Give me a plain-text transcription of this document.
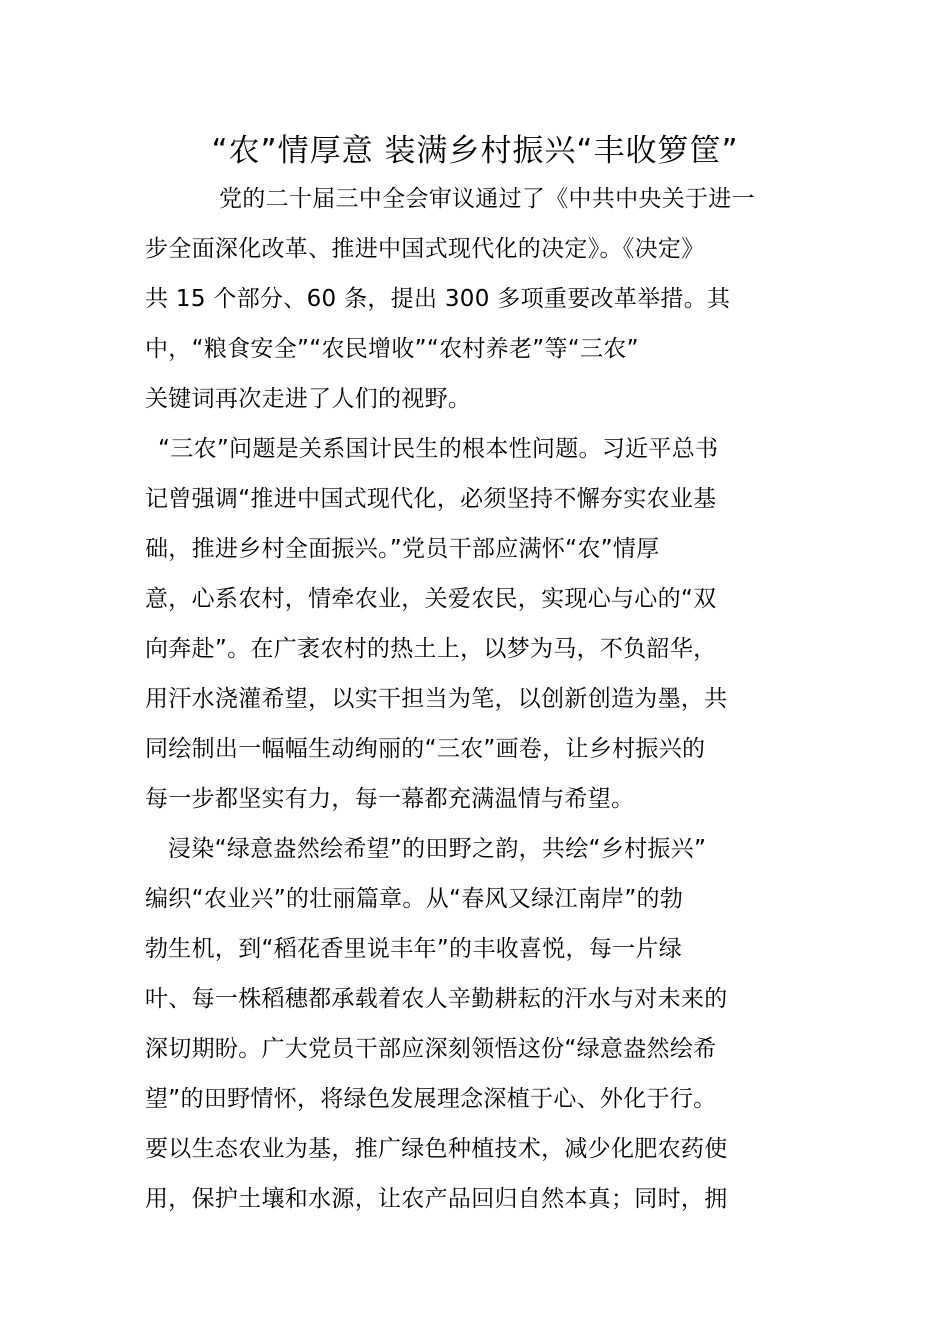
“农”情厚意 装满乡村振兴“丰收箩筐”
党的二十届三中全会审议通过了《中共中央关于进一
步全面深化改革、推进中国式现代化的决定》。《决定》
共 15 个部分、60 条，提出 300 多项重要改革举措。其
中，“粮食安全”“农民增收”“农村养老”等“三农”
关键词再次走进了人们的视野。
“三农”问题是关系国计民生的根本性问题。习近平总书
记曾强调“推进中国式现代化，必须坚持不懈夯实农业基
础，推进乡村全面振兴。”党员干部应满怀“农”情厚
意，心系农村，情牵农业，关爱农民，实现心与心的“双
向奔赴”。在广袤农村的热土上，以梦为马，不负韶华，
用汗水浇灌希望，以实干担当为笔，以创新创造为墨，共
同绘制出一幅幅生动绚丽的“三农”画卷，让乡村振兴的
每一步都坚实有力，每一幕都充满温情与希望。
浸染“绿意盎然绘希望”的田野之韵，共绘“乡村振兴”
编织“农业兴”的壮丽篇章。从“春风又绿江南岸”的勃
勃生机，到“稻花香里说丰年”的丰收喜悦，每一片绿
叶、每一株稻穗都承载着农人辛勤耕耘的汗水与对未来的
深切期盼。广大党员干部应深刻领悟这份“绿意盎然绘希
望”的田野情怀，将绿色发展理念深植于心、外化于行。
要以生态农业为基，推广绿色种植技术，减少化肥农药使
用，保护土壤和水源，让农产品回归自然本真；同时，拥
